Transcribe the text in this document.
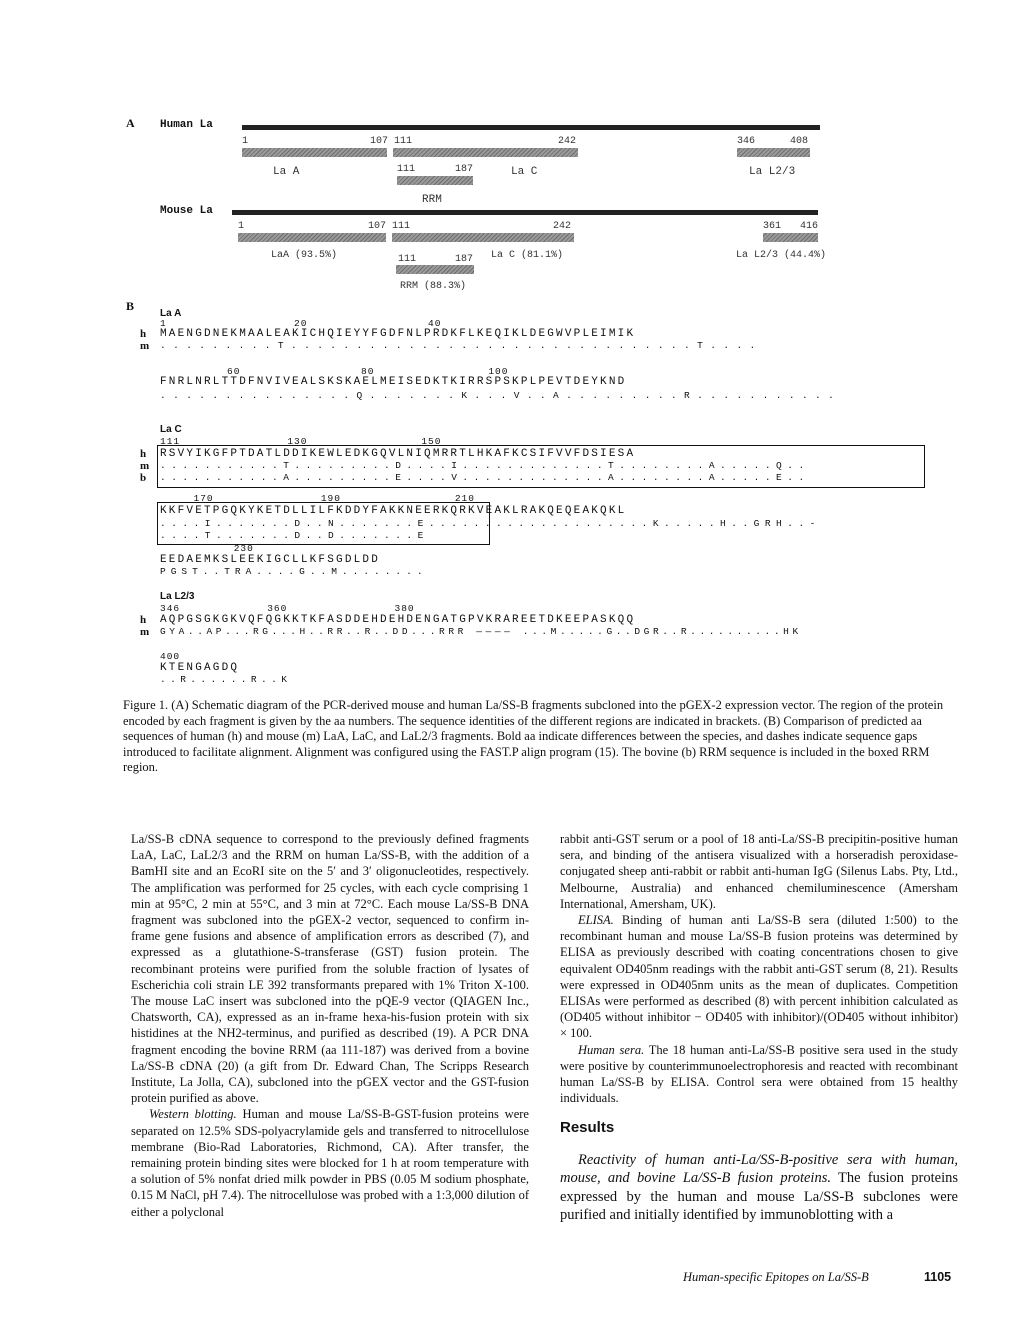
A Human La
1	107 111	242	346	408
La A	111	187	La C	La L2/3
RRM
Mouse La
1	107 111	242	361 416
LaA (93.5%)	111	187 La C (81.1%)	La L2/3 (44.4%)
RRM (88.3%)
B
La A
1                   20                  40
h MAENGDNEKMAALEAKICHQIEYYFGDFNLPRDKFLKEQIKLDEGWVPLEIMIK
m .........T...............................T....
60                  80                 100
FNRLNRLTTDFNVIVEALSKSKAELMEISEDKTKIRRSPSKPLPEVTDEYKND
...............Q.......K...V..A.........R...........
La C
111                130                 150
h RSVYIKGFPTDATLDDIKEWLEDKGQVLNIQMRRTLHKAFKCSIFVVFDSIESA
m ...........T.........D....I.............T........A.....Q..
b ...........A.........E....V.............A........A.....E..
170                190                 210
KKFVETPGQKYKETDLLILFKDDYFAKKNEERKQRKVEAKLRAKQEQEAKQKL
....I.......D..N.......E....................K.....H..GRH..-
....T.......D..D.......E
230
EEDAEMKSLEEKIGCLLKFSGDLDD
PGST..TRA....G..M........
La L2/3
346             360                380
h AQPGSGKGKVQFQGKKTKFASDDEHDEHDENGATGPVKRAREETDKEEPASKQQ
m GYA..AP...RG...H..RR..R..DD...RRR ———— ...M.....G..DGR..R..........HK
400
KTENGAGDQ
..R......R..K
Figure 1. (A) Schematic diagram of the PCR-derived mouse and human La/SS-B fragments subcloned into the pGEX-2 expression vector. The region of the protein encoded by each fragment is given by the aa numbers. The sequence identities of the different regions are indicated in brackets. (B) Comparison of predicted aa sequences of human (h) and mouse (m) LaA, LaC, and LaL2/3 fragments. Bold aa indicate differences between the species, and dashes indicate sequence gaps introduced to facilitate alignment. Alignment was configured using the FAST.P align program (15). The bovine (b) RRM sequence is included in the boxed RRM region.

La/SS-B cDNA sequence to correspond to the previously defined fragments LaA, LaC, LaL2/3 and the RRM on human La/SS-B, with the addition of a BamHI site and an EcoRI site on the 5′ and 3′ oligonucleotides, respectively. The amplification was performed for 25 cycles, with each cycle comprising 1 min at 95°C, 2 min at 55°C, and 3 min at 72°C. Each mouse La/SS-B DNA fragment was subcloned into the pGEX-2 vector, sequenced to confirm in-frame gene fusions and absence of amplification errors as described (7), and expressed as a glutathione-S-transferase (GST) fusion protein. The recombinant proteins were purified from the soluble fraction of lysates of Escherichia coli strain LE 392 transformants prepared with 1% Triton X-100. The mouse LaC insert was subcloned into the pQE-9 vector (QIAGEN Inc., Chatsworth, CA), expressed as an in-frame hexa-his-fusion protein with six histidines at the NH2-terminus, and purified as described (19). A PCR DNA fragment encoding the bovine RRM (aa 111-187) was derived from a bovine La/SS-B cDNA (20) (a gift from Dr. Edward Chan, The Scripps Research Institute, La Jolla, CA), subcloned into the pGEX vector and the GST-fusion protein purified as above.

Western blotting. Human and mouse La/SS-B-GST-fusion proteins were separated on 12.5% SDS-polyacrylamide gels and transferred to nitrocellulose membrane (Bio-Rad Laboratories, Richmond, CA). After transfer, the remaining protein binding sites were blocked for 1 h at room temperature with a solution of 5% nonfat dried milk powder in PBS (0.05 M sodium phosphate, 0.15 M NaCl, pH 7.4). The nitrocellulose was probed with a 1:3,000 dilution of either a polyclonal

rabbit anti-GST serum or a pool of 18 anti-La/SS-B precipitin-positive human sera, and binding of the antisera visualized with a horseradish peroxidase-conjugated sheep anti-rabbit or rabbit anti-human IgG (Silenus Labs. Pty, Ltd., Melbourne, Australia) and enhanced chemiluminescence (Amersham International, Amersham, UK).

ELISA. Binding of human anti La/SS-B sera (diluted 1:500) to the recombinant human and mouse La/SS-B fusion proteins was determined by ELISA as previously described with coating concentrations chosen to give equivalent OD405nm readings with the rabbit anti-GST serum (8, 21). Results were expressed in OD405nm units as the mean of duplicates. Competition ELISAs were performed as described (8) with percent inhibition calculated as (OD405 without inhibitor − OD405 with inhibitor)/(OD405 without inhibitor) × 100.

Human sera. The 18 human anti-La/SS-B positive sera used in the study were positive by counterimmunoelectrophoresis and reacted with recombinant human La/SS-B by ELISA. Control sera were obtained from 15 healthy individuals.

Results

Reactivity of human anti-La/SS-B-positive sera with human, mouse, and bovine La/SS-B fusion proteins. The fusion proteins expressed by the human and mouse La/SS-B subclones were purified and initially identified by immunoblotting with a

Human-specific Epitopes on La/SS-B	1105
